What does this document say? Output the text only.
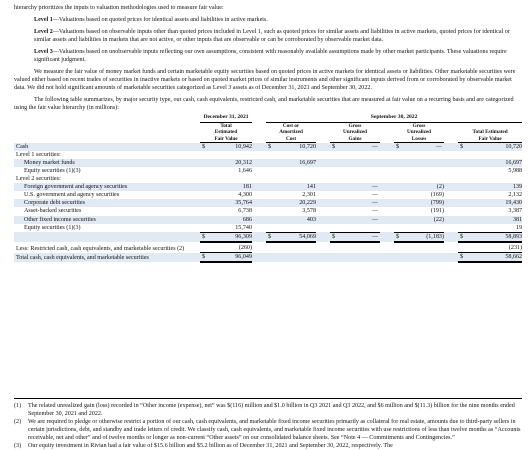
hierarchy prioritizes the inputs to valuation methodologies used to measure fair value:

Level 1—Valuations based on quoted prices for identical assets and liabilities in active markets.

Level 2—Valuations based on observable inputs other than quoted prices included in Level 1, such as quoted prices for similar assets and liabilities in active markets, quoted prices for identical or similar assets and liabilities in markets that are not active, or other inputs that are observable or can be corroborated by observable market data.

Level 3—Valuations based on unobservable inputs reflecting our own assumptions, consistent with reasonably available assumptions made by other market participants. These valuations require significant judgment.

We measure the fair value of money market funds and certain marketable equity securities based on quoted prices in active markets for identical assets or liabilities. Other marketable securities were valued either based on recent trades of securities in inactive markets or based on quoted market prices of similar instruments and other significant inputs derived from or corroborated by observable market data. We did not hold significant amounts of marketable securities categorized as Level 3 assets as of December 31, 2021 and September 30, 2022.

The following table summarizes, by major security type, our cash, cash equivalents, restricted cash, and marketable securities that are measured at fair value on a recurring basis and are categorized using the fair value hierarchy (in millions):

	December 31, 2021			September 30, 2022										
	Total Estimated Fair Value			Cost or Amortized Cost			Gross Unrealized Gains			Gross Unrealized Losses			Total Estimated Fair Value	
Cash	$	10,942		$	10,720		$	—		$	—		$	10,720
Level 1 securities:														
Money market funds		20,312			16,697									16,697
Equity securities (1)(3)		1,646												5,988
Level 2 securities:														
Foreign government and agency securities		181			141			—			(2)			139
U.S. government and agency securities		4,300			2,301			—			(169)			2,132
Corporate debt securities		35,764			20,229			—			(799)			19,430
Asset-backed securities		6,738			3,578			—			(191)			3,387
Other fixed income securities		686			403			—			(22)			381
Equity securities (1)(3)		15,740												19
	$	96,309		$	54,069		$	—		$	(1,183)		$	58,893
Less: Restricted cash, cash equivalents, and marketable securities (2)		(260)												(231)
Total cash, cash equivalents, and marketable securities	$	96,049											$	58,662
(1)	The related unrealized gain (loss) recorded in “Other income (expense), net” was $(116) million and $1.0 billion in Q3 2021 and Q3 2022, and $6 million and $(11.3) billion for the nine months ended September 30, 2021 and 2022.
(2)	We are required to pledge or otherwise restrict a portion of our cash, cash equivalents, and marketable fixed income securities primarily as collateral for real estate, amounts due to third-party sellers in certain jurisdictions, debt, and standby and trade letters of credit. We classify cash, cash equivalents, and marketable fixed income securities with use restrictions of less than twelve months as “Accounts receivable, net and other” and of twelve months or longer as non-current “Other assets” on our consolidated balance sheets. See “Note 4 — Commitments and Contingencies.”
(3)	Our equity investment in Rivian had a fair value of $15.6 billion and $5.2 billion as of December 31, 2021 and September 30, 2022, respectively. The
